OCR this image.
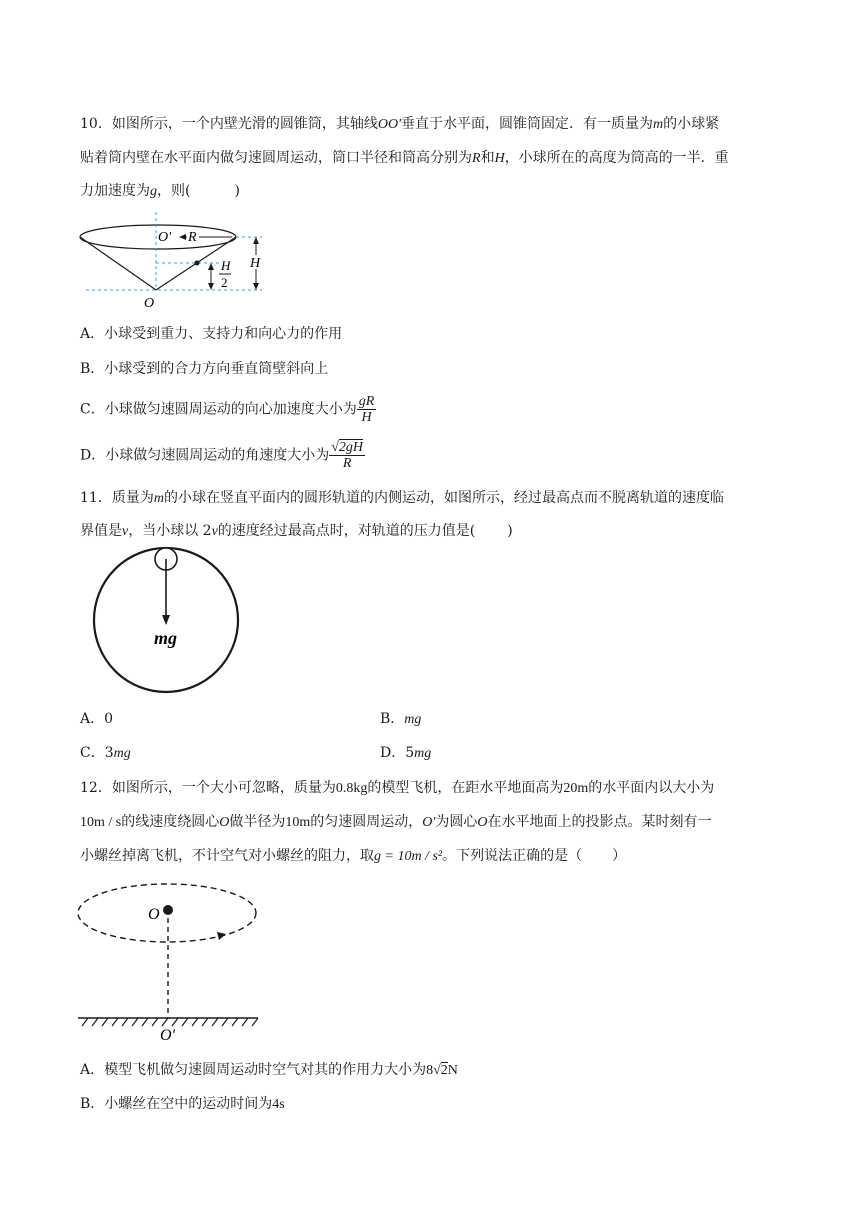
10．如图所示，一个内壁光滑的圆锥筒，其轴线OO'垂直于水平面，圆锥筒固定．有一质量为m的小球紧
贴着筒内壁在水平面内做匀速圆周运动，筒口半径和筒高分别为R和H，小球所在的高度为筒高的一半．重
力加速度为g，则(	)
O' R
H
H
2
O
A．小球受到重力、支持力和向心力的作用
B．小球受到的合力方向垂直筒壁斜向上
C．小球做匀速圆周运动的向心加速度大小为 $\frac{gR}{H}$
D．小球做匀速圆周运动的角速度大小为 $\frac{√2gH}{R}$
11．质量为m的小球在竖直平面内的圆形轨道的内侧运动，如图所示，经过最高点而不脱离轨道的速度临
界值是v，当小球以 2v的速度经过最高点时，对轨道的压力值是( )
mg
A．0	B．mg
C．3mg	D．5mg
12．如图所示，一个大小可忽略，质量为0.8kg的模型飞机，在距水平地面高为20m的水平面内以大小为
10m / s的线速度绕圆心O做半径为10m的匀速圆周运动，O'为圆心O在水平地面上的投影点。某时刻有一
小螺丝掉离飞机，不计空气对小螺丝的阻力，取g = 10m / s²。下列说法正确的是（ ）
O
O'
A．模型飞机做匀速圆周运动时空气对其的作用力大小为8√2N
B．小螺丝在空中的运动时间为4s
